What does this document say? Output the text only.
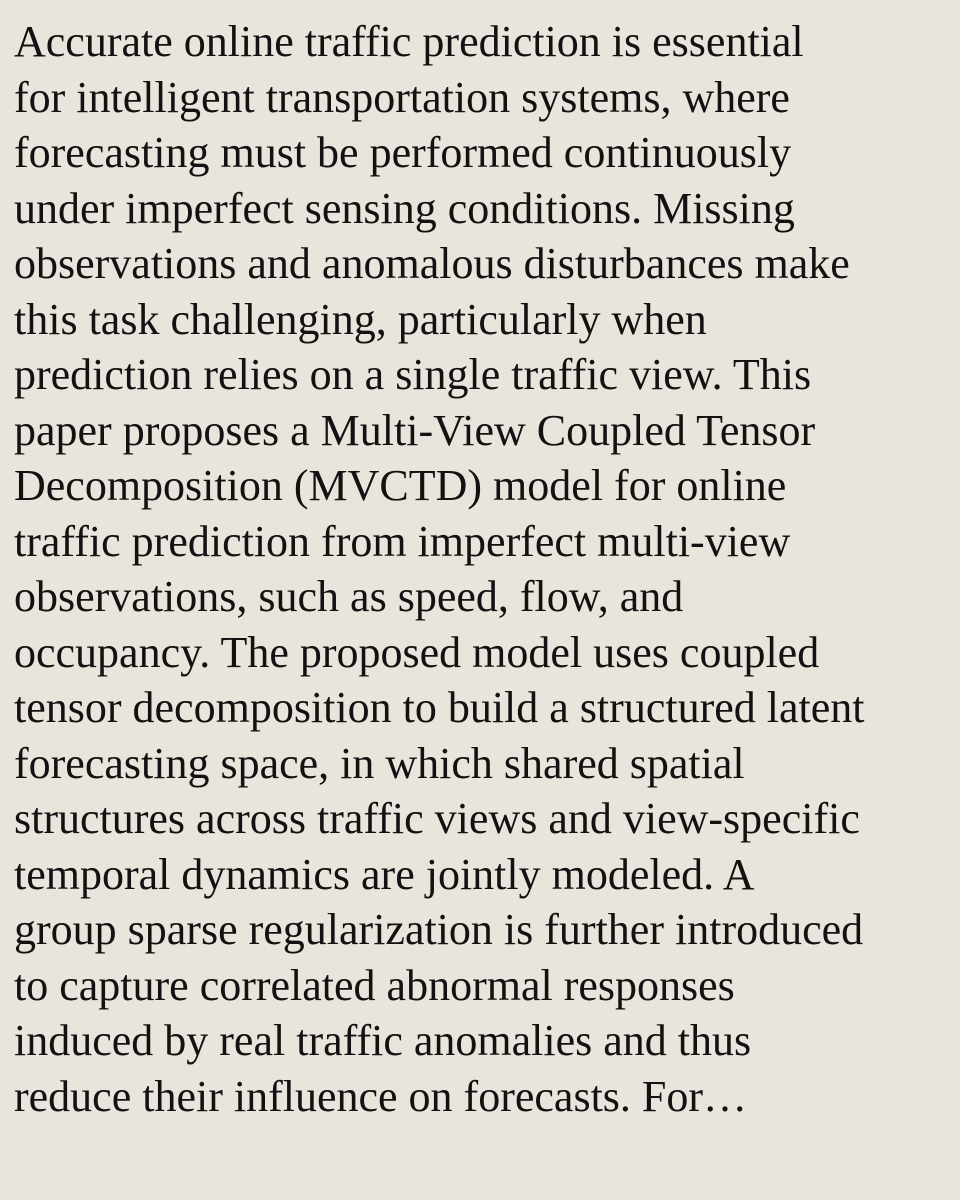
Accurate online traffic prediction is essential
for intelligent transportation systems, where
forecasting must be performed continuously
under imperfect sensing conditions. Missing
observations and anomalous disturbances make
this task challenging, particularly when
prediction relies on a single traffic view. This
paper proposes a Multi-View Coupled Tensor
Decomposition (MVCTD) model for online
traffic prediction from imperfect multi-view
observations, such as speed, flow, and
occupancy. The proposed model uses coupled
tensor decomposition to build a structured latent
forecasting space, in which shared spatial
structures across traffic views and view-specific
temporal dynamics are jointly modeled. A
group sparse regularization is further introduced
to capture correlated abnormal responses
induced by real traffic anomalies and thus
reduce their influence on forecasts. For…
